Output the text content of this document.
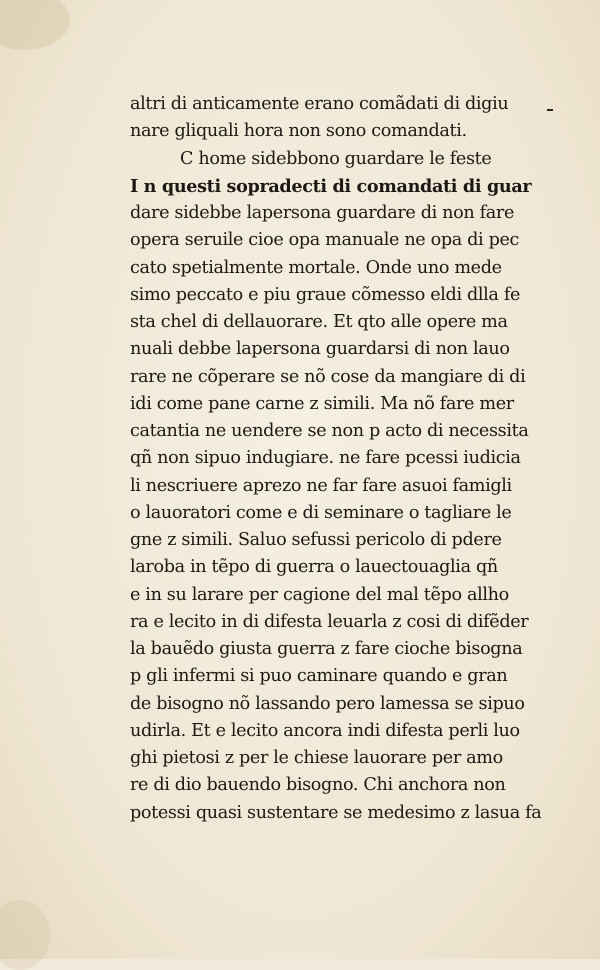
altri di anticamente erano comãdati di digiu
nare gliquali hora non sono comandati.
C home sidebbono guardare le feste
I n questi sopradecti di comandati di guar
dare sidebbe lapersona guardare di non fare
opera seruile cioe opa manuale ne opa di pec
cato spetialmente mortale. Onde uno mede
simo peccato e piu graue cõmesso eldi dlla fe
sta chel di dellauorare. Et qto alle opere ma
nuali debbe lapersona guardarsi di non lauo
rare ne cõperare se nõ cose da mangiare di di
idi come pane carne z simili. Ma nõ fare mer
catantia ne uendere se non p acto di necessita
qñ non sipuo indugiare. ne fare pcessi iudicia
li nescriuere aprezo ne far fare asuoi famigli
o lauoratori come e di seminare o tagliare le
gne z simili. Saluo sefussi pericolo di pdere
laroba in tẽpo di guerra o lauectouaglia qñ
e in su larare per cagione del mal tẽpo allho
ra e lecito in di difesta leuarla z cosi di difẽder
la bauẽdo giusta guerra z fare cioche bisogna
p gli infermi si puo caminare quando e gran
de bisogno nõ lassando pero lamessa se sipuo
udirla. Et e lecito ancora indi difesta perli luo
ghi pietosi z per le chiese lauorare per amo
re di dio bauendo bisogno. Chi anchora non
potessi quasi sustentare se medesimo z lasua fa
